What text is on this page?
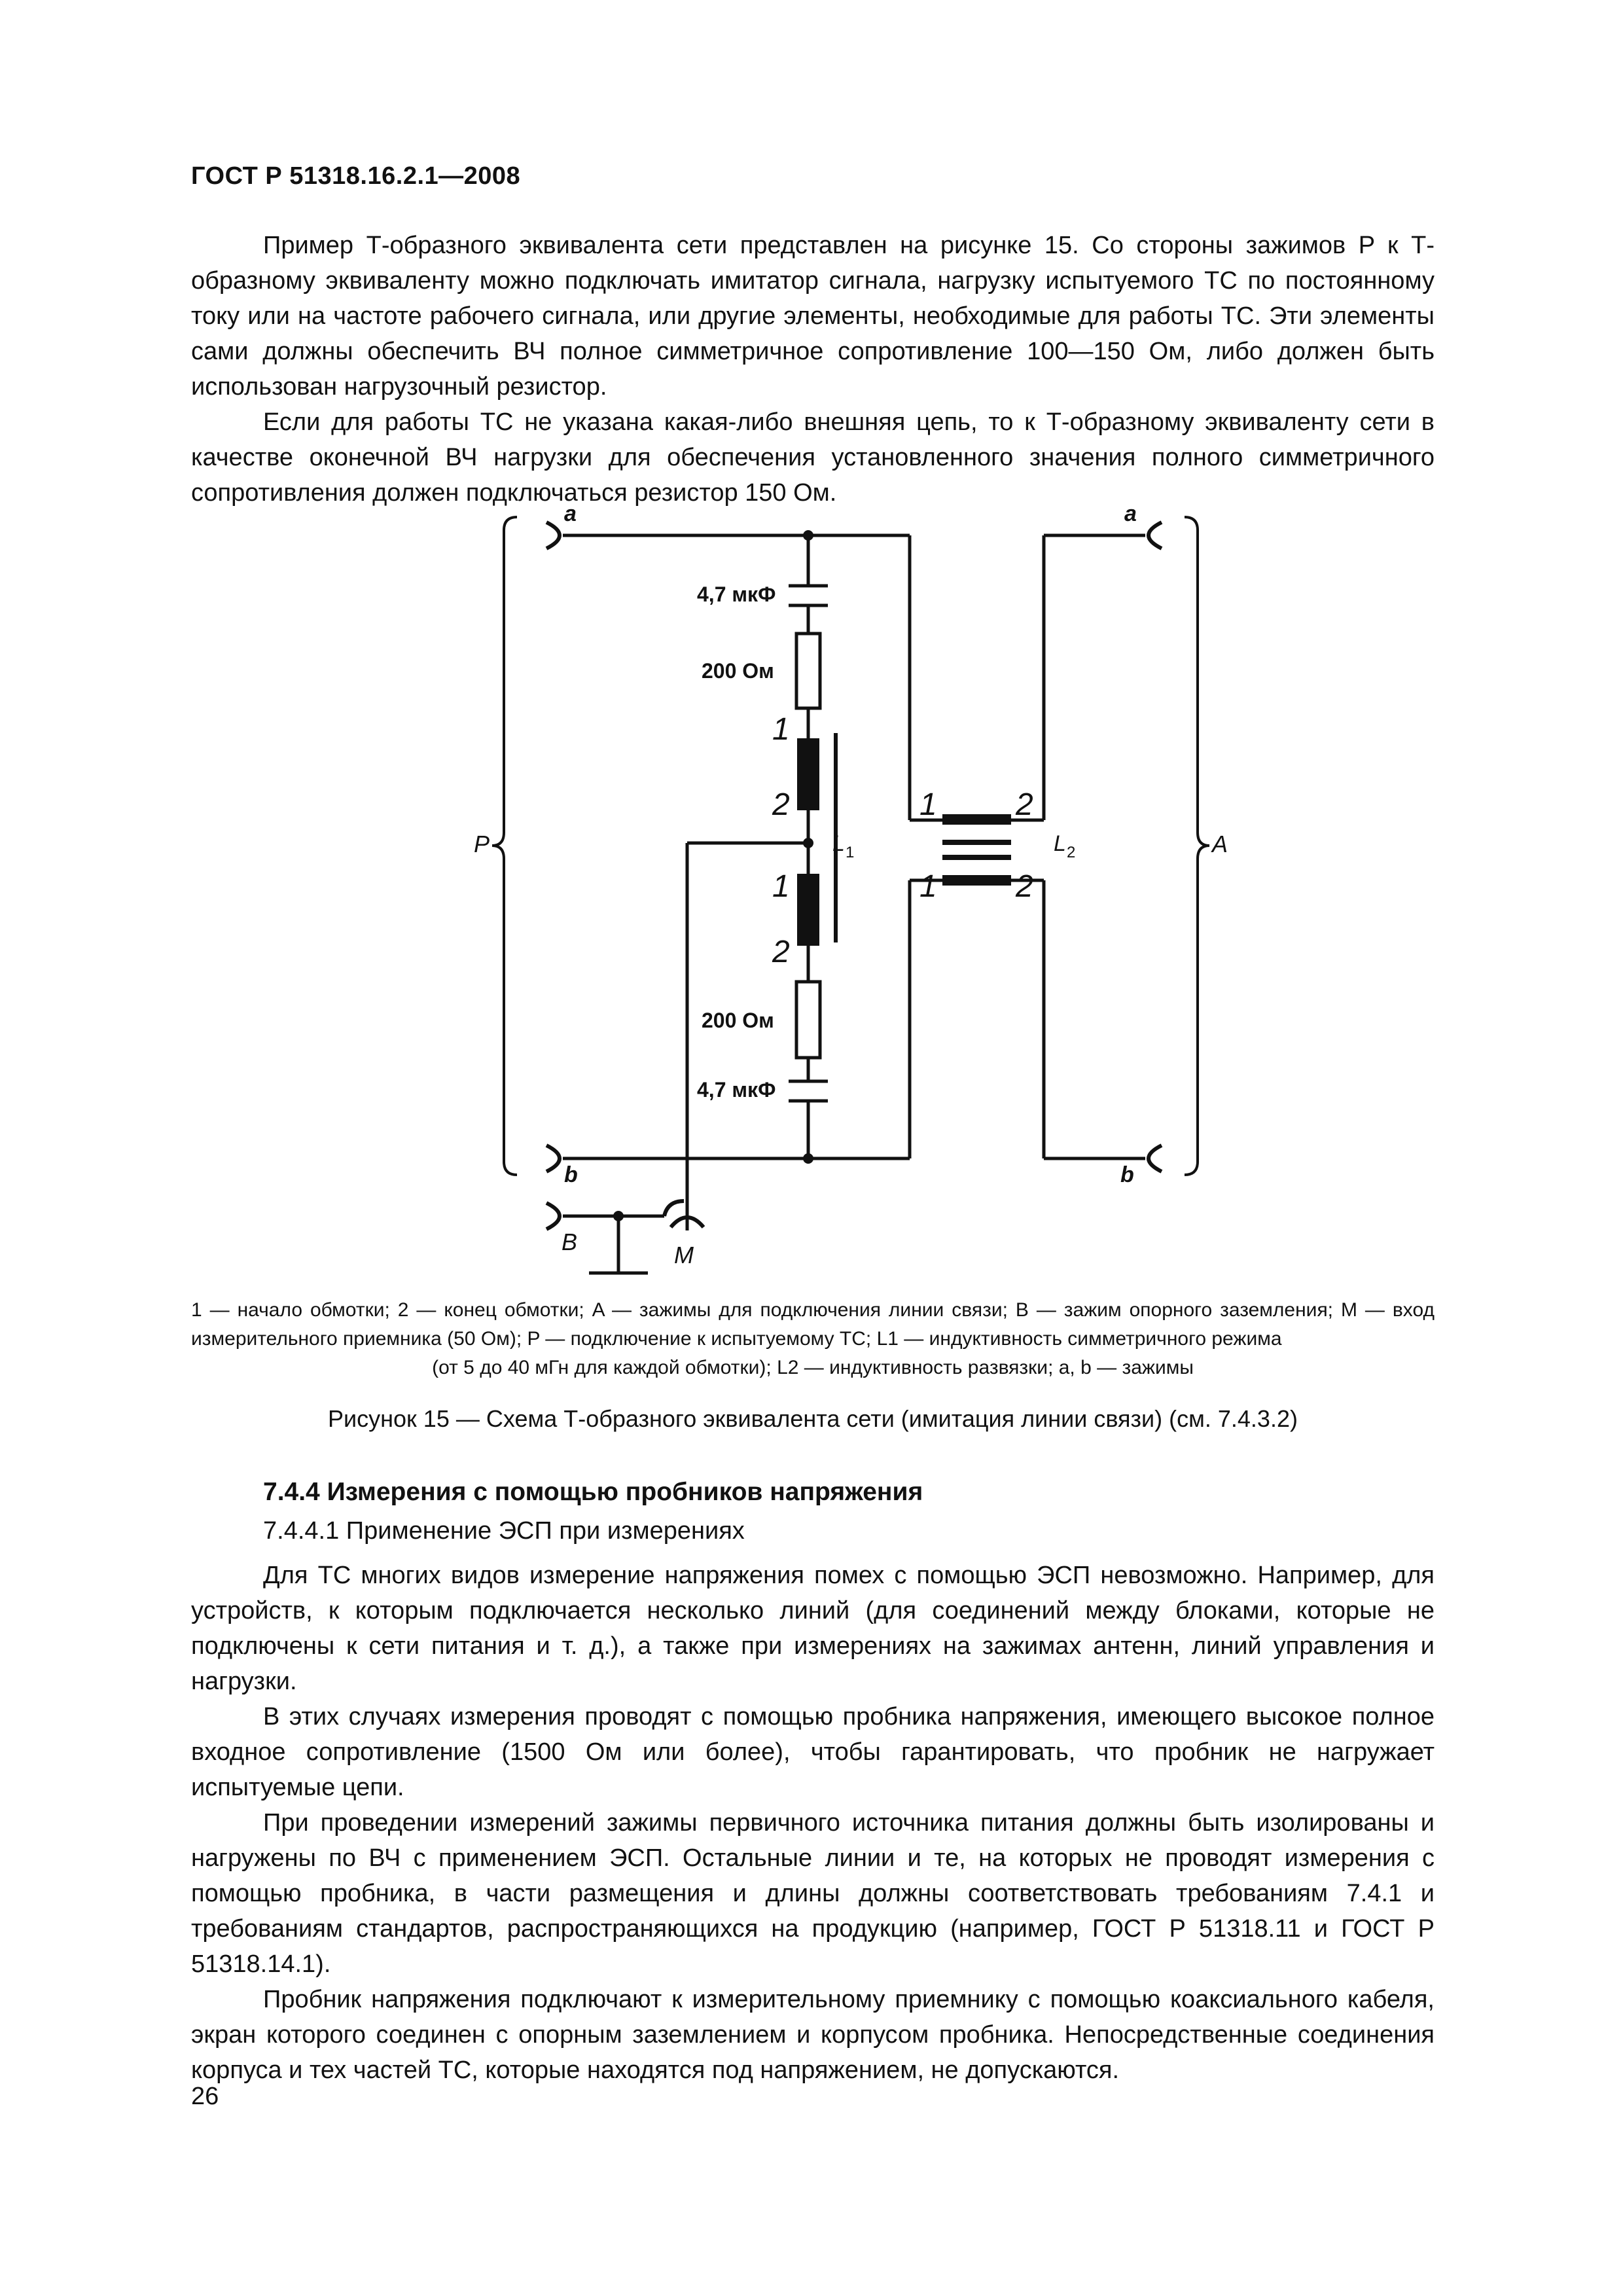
ГОСТ Р 51318.16.2.1—2008

Пример Т-образного эквивалента сети представлен на рисунке 15. Со стороны зажимов P к Т-образному эквиваленту можно подключать имитатор сигнала, нагрузку испытуемого ТС по постоянному току или на частоте рабочего сигнала, или другие элементы, необходимые для работы ТС. Эти элементы сами должны обеспечить ВЧ полное симметричное сопротивление 100—150 Ом, либо должен быть использован нагрузочный резистор.

Если для работы ТС не указана какая-либо внешняя цепь, то к Т-образному эквиваленту сети в качестве оконечной ВЧ нагрузки для обеспечения установленного значения полного симметричного сопротивления должен подключаться резистор 150 Ом.

4,7 мкФ
200 Ом
200 Ом
4,7 мкФ
1
2
1
2
1
1
2
2
L 1	L 2
a	a
b	b
P	A
B	M
1 — начало обмотки; 2 — конец обмотки; A — зажимы для подключения линии связи; B — зажим опорного заземления; M — вход измерительного приемника (50 Ом); P — подключение к испытуемому ТС; L1 — индуктивность симметричного режима
(от 5 до 40 мГн для каждой обмотки); L2 — индуктивность развязки; a, b — зажимы
Рисунок 15 — Схема Т-образного эквивалента сети (имитация линии связи) (см. 7.4.3.2)
7.4.4 Измерения с помощью пробников напряжения
7.4.4.1 Применение ЭСП при измерениях

Для ТС многих видов измерение напряжения помех с помощью ЭСП невозможно. Например, для устройств, к которым подключается несколько линий (для соединений между блоками, которые не подключены к сети питания и т. д.), а также при измерениях на зажимах антенн, линий управления и нагрузки.

В этих случаях измерения проводят с помощью пробника напряжения, имеющего высокое полное входное сопротивление (1500 Ом или более), чтобы гарантировать, что пробник не нагружает испытуемые цепи.

При проведении измерений зажимы первичного источника питания должны быть изолированы и нагружены по ВЧ с применением ЭСП. Остальные линии и те, на которых не проводят измерения с помощью пробника, в части размещения и длины должны соответствовать требованиям 7.4.1 и требованиям стандартов, распространяющихся на продукцию (например, ГОСТ Р 51318.11 и ГОСТ Р 51318.14.1).

Пробник напряжения подключают к измерительному приемнику с помощью коаксиального кабеля, экран которого соединен с опорным заземлением и корпусом пробника. Непосредственные соединения корпуса и тех частей ТС, которые находятся под напряжением, не допускаются.

26
